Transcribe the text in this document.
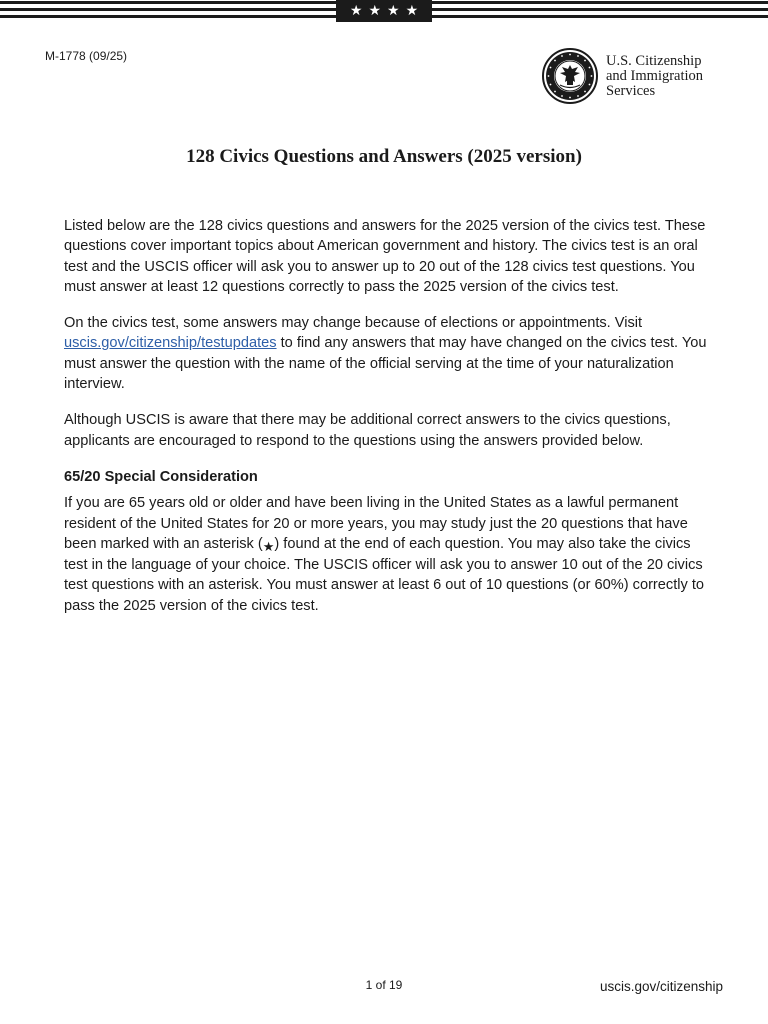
★ ★ ★ ★
M-1778 (09/25)	U.S. Citizenship
and Immigration
Services
128 Civics Questions and Answers (2025 version)

Listed below are the 128 civics questions and answers for the 2025 version of the civics test. These questions cover important topics about American government and history. The civics test is an oral test and the USCIS officer will ask you to answer up to 20 out of the 128 civics test questions. You must answer at least 12 questions correctly to pass the 2025 version of the civics test.

On the civics test, some answers may change because of elections or appointments. Visit uscis.gov/citizenship/testupdates to find any answers that may have changed on the civics test. You must answer the question with the name of the official serving at the time of your naturalization interview.

Although USCIS is aware that there may be additional correct answers to the civics questions, applicants are encouraged to respond to the questions using the answers provided below.

65/20 Special Consideration

If you are 65 years old or older and have been living in the United States as a lawful permanent resident of the United States for 20 or more years, you may study just the 20 questions that have been marked with an asterisk (★) found at the end of each question. You may also take the civics test in the language of your choice. The USCIS officer will ask you to answer 10 out of the 20 civics test questions with an asterisk. You must answer at least 6 out of 10 questions (or 60%) correctly to pass the 2025 version of the civics test.

1 of 19	uscis.gov/citizenship
